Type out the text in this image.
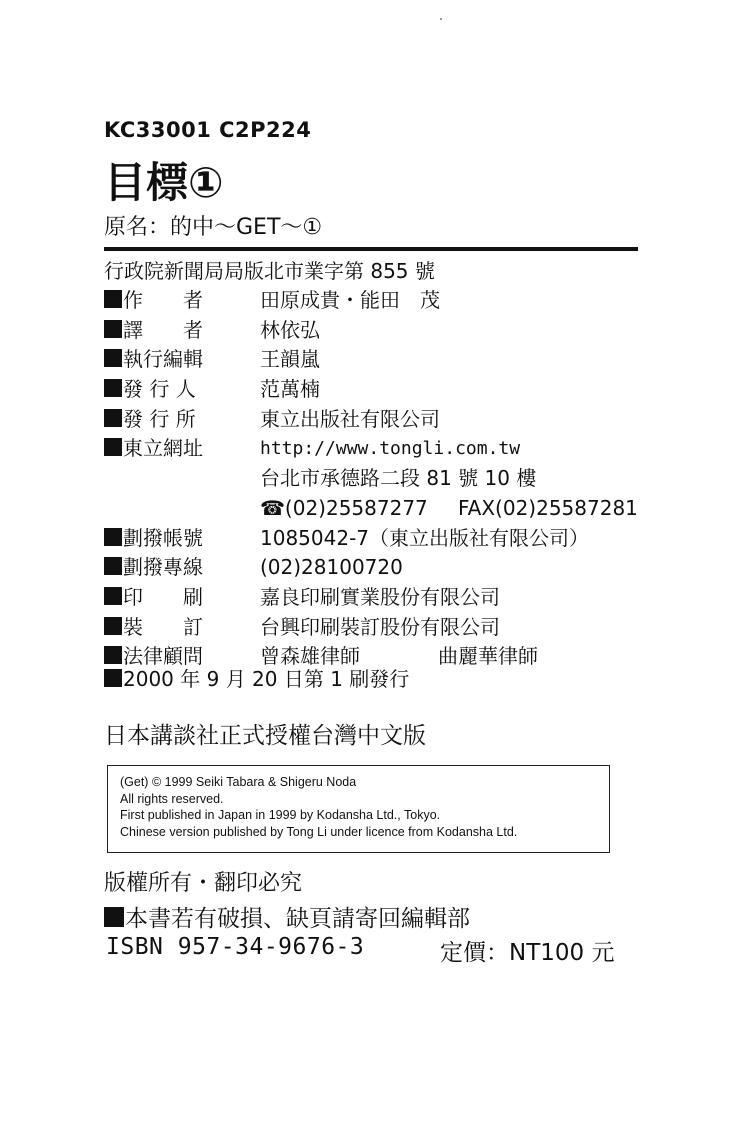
KC33001 C2P224
目標①
原名：的中～GET～①
行政院新聞局局版北市業字第 855 號
作　　者	田原成貴・能田　茂
譯　　者	林依弘
執行編輯	王韻嵐
發 行 人	范萬楠
發 行 所	東立出版社有限公司
東立網址	http://www.tongli.com.tw
台北市承德路二段 81 號 10 樓
☎(02)25587277 FAX(02)25587281
劃撥帳號	1085042-7（東立出版社有限公司）
劃撥專線	(02)28100720
印　　刷	嘉良印刷實業股份有限公司
裝　　訂	台興印刷裝訂股份有限公司
法律顧問	曾森雄律師	曲麗華律師
2000 年 9 月 20 日第 1 刷發行
日本講談社正式授權台灣中文版
(Get) © 1999 Seiki Tabara & Shigeru Noda
All rights reserved.
First published in Japan in 1999 by Kodansha Ltd., Tokyo.
Chinese version published by Tong Li under licence from Kodansha Ltd.
版權所有・翻印必究
本書若有破損、缺頁請寄回編輯部
ISBN 957-34-9676-3	定價：NT100 元
